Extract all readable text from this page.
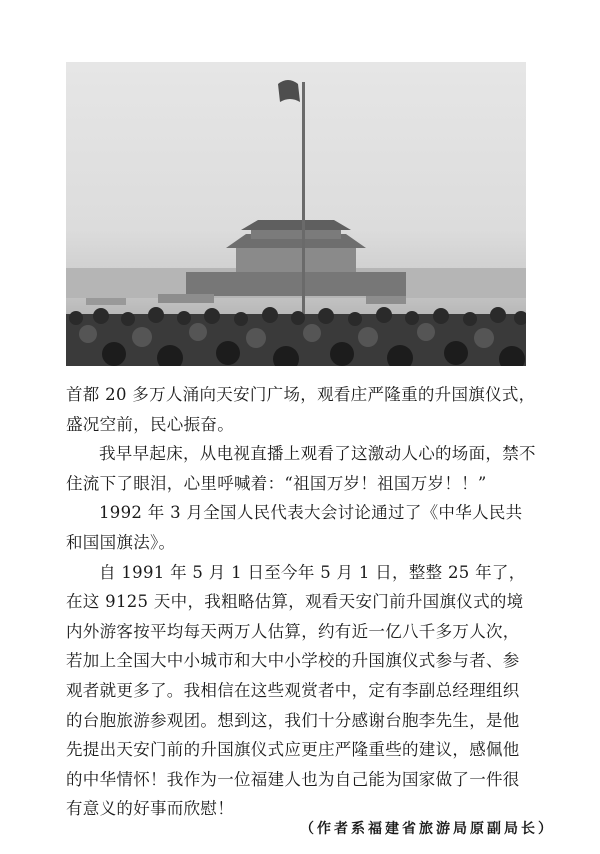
首都 20 多万人涌向天安门广场，观看庄严隆重的升国旗仪式，盛况空前，民心振奋。

我早早起床，从电视直播上观看了这激动人心的场面，禁不住流下了眼泪，心里呼喊着：“祖国万岁！祖国万岁！！”

1992 年 3 月全国人民代表大会讨论通过了《中华人民共和国国旗法》。

自 1991 年 5 月 1 日至今年 5 月 1 日，整整 25 年了，在这 9125 天中，我粗略估算，观看天安门前升国旗仪式的境内外游客按平均每天两万人估算，约有近一亿八千多万人次，若加上全国大中小城市和大中小学校的升国旗仪式参与者、参观者就更多了。我相信在这些观赏者中，定有李副总经理组织的台胞旅游参观团。想到这，我们十分感谢台胞李先生，是他先提出天安门前的升国旗仪式应更庄严隆重些的建议，感佩他的中华情怀！我作为一位福建人也为自己能为国家做了一件很有意义的好事而欣慰！

（作者系福建省旅游局原副局长）
